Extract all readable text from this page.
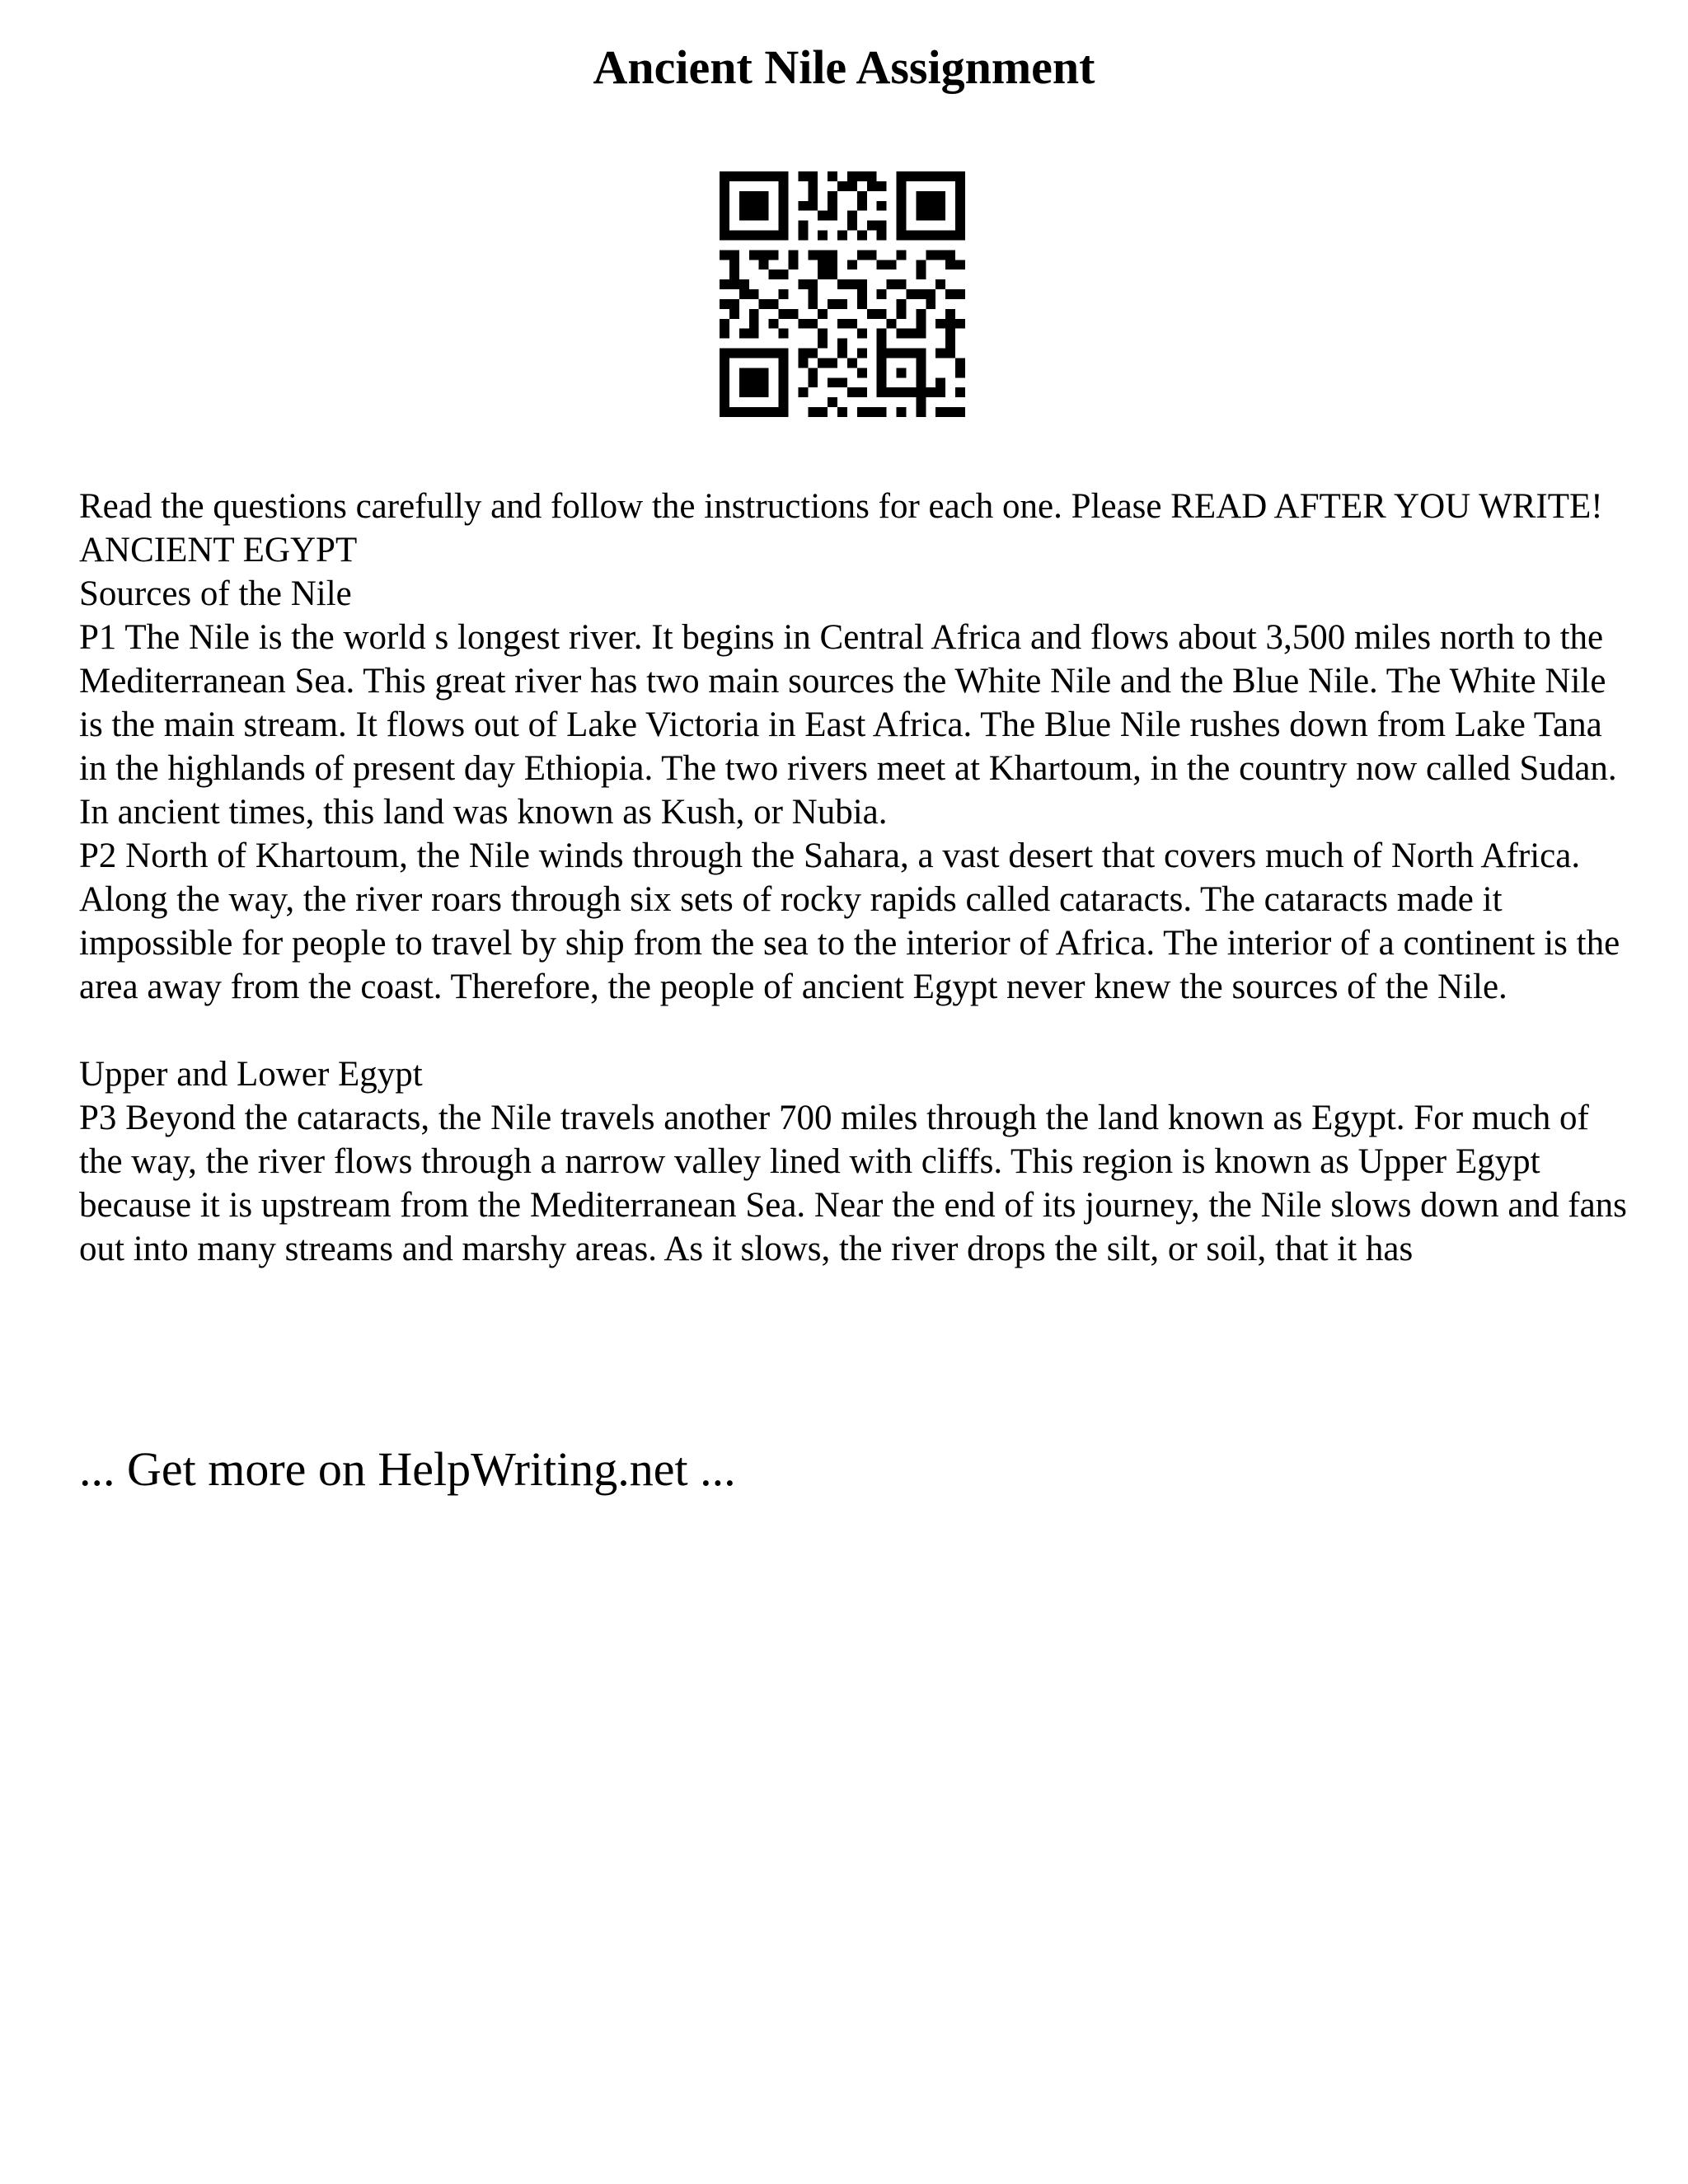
Ancient Nile Assignment

Read the questions carefully and follow the instructions for each one. Please READ AFTER YOU WRITE!

ANCIENT EGYPT

Sources of the Nile

P1 The Nile is the world s longest river. It begins in Central Africa and flows about 3,500 miles north to the Mediterranean Sea. This great river has two main sources the White Nile and the Blue Nile. The White Nile is the main stream. It flows out of Lake Victoria in East Africa. The Blue Nile rushes down from Lake Tana in the highlands of present day Ethiopia. The two rivers meet at Khartoum, in the country now called Sudan. In ancient times, this land was known as Kush, or Nubia.

P2 North of Khartoum, the Nile winds through the Sahara, a vast desert that covers much of North Africa. Along the way, the river roars through six sets of rocky rapids called cataracts. The cataracts made it impossible for people to travel by ship from the sea to the interior of Africa. The interior of a continent is the area away from the coast. Therefore, the people of ancient Egypt never knew the sources of the Nile.

Upper and Lower Egypt

P3 Beyond the cataracts, the Nile travels another 700 miles through the land known as Egypt. For much of the way, the river flows through a narrow valley lined with cliffs. This region is known as Upper Egypt because it is upstream from the Mediterranean Sea. Near the end of its journey, the Nile slows down and fans out into many streams and marshy areas. As it slows, the river drops the silt, or soil, that it has

... Get more on HelpWriting.net ...
